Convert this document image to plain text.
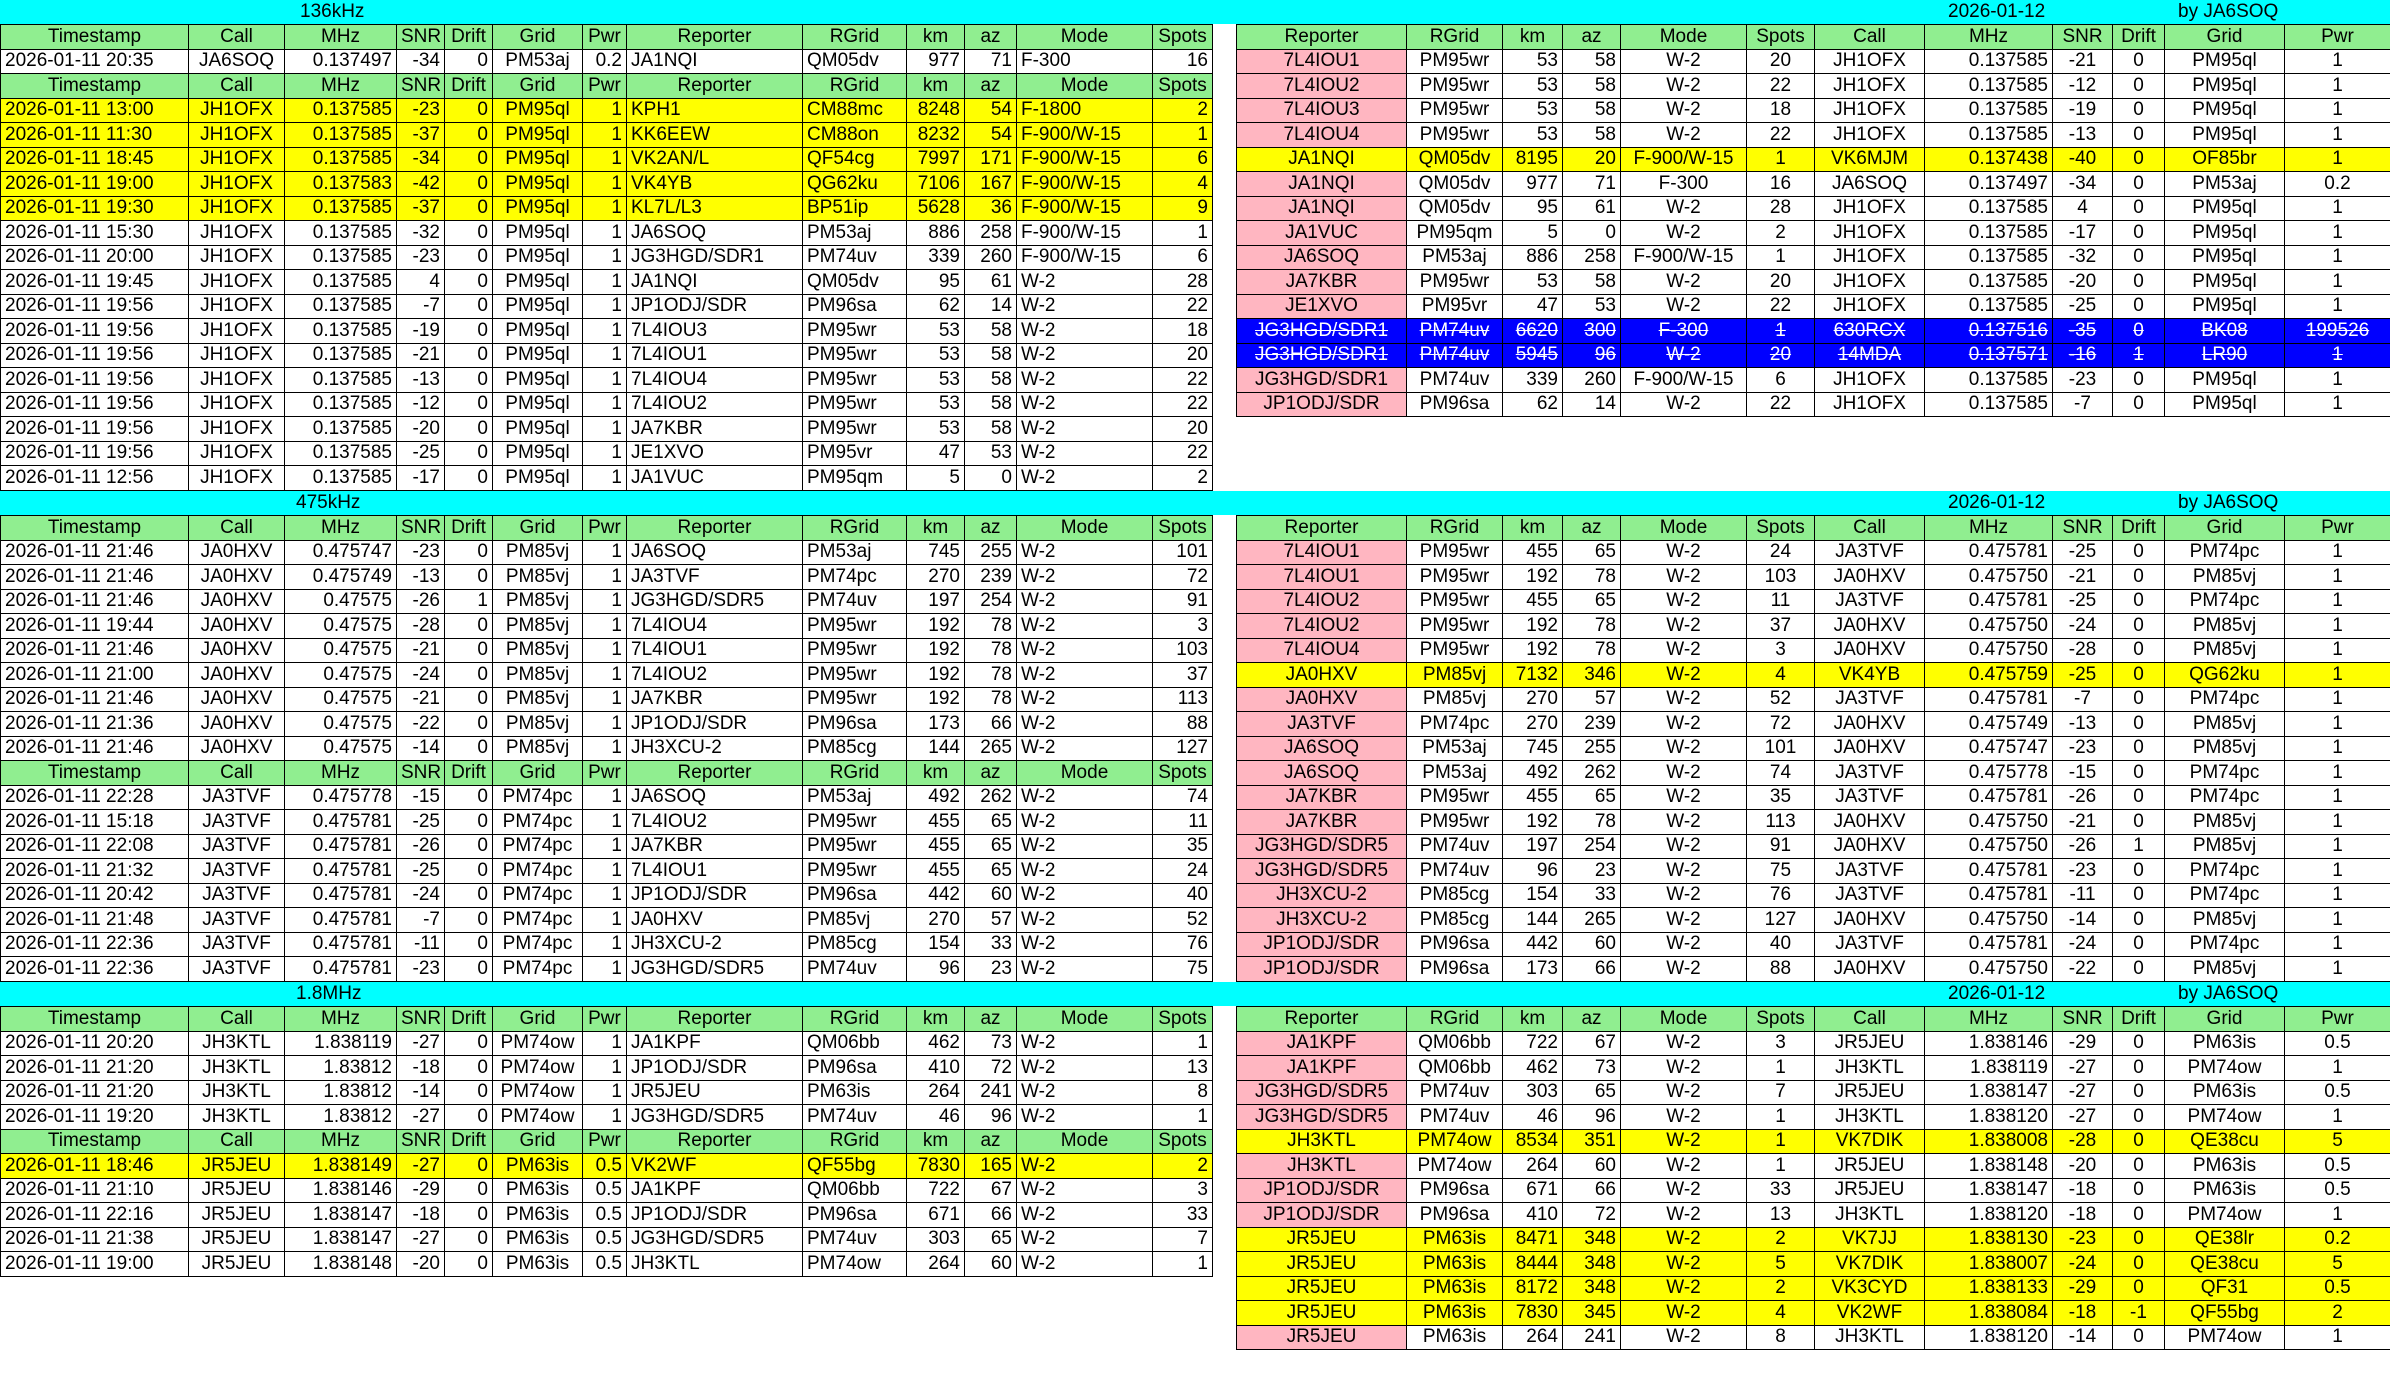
136kHz	2026-01-12	by JA6SOQ
475kHz	2026-01-12	by JA6SOQ
1.8MHz	2026-01-12	by JA6SOQ
Timestamp	Call	MHz	SNR	Drift	Grid	Pwr	Reporter	RGrid	km	az	Mode	Spots
2026-01-11 20:35	JA6SOQ	0.137497	-34	0	PM53aj	0.2	JA1NQI	QM05dv	977	71	F-300	16
Timestamp	Call	MHz	SNR	Drift	Grid	Pwr	Reporter	RGrid	km	az	Mode	Spots
2026-01-11 13:00	JH1OFX	0.137585	-23	0	PM95ql	1	KPH1	CM88mc	8248	54	F-1800	2
2026-01-11 11:30	JH1OFX	0.137585	-37	0	PM95ql	1	KK6EEW	CM88on	8232	54	F-900/W-15	1
2026-01-11 18:45	JH1OFX	0.137585	-34	0	PM95ql	1	VK2AN/L	QF54cg	7997	171	F-900/W-15	6
2026-01-11 19:00	JH1OFX	0.137583	-42	0	PM95ql	1	VK4YB	QG62ku	7106	167	F-900/W-15	4
2026-01-11 19:30	JH1OFX	0.137585	-37	0	PM95ql	1	KL7L/L3	BP51ip	5628	36	F-900/W-15	9
2026-01-11 15:30	JH1OFX	0.137585	-32	0	PM95ql	1	JA6SOQ	PM53aj	886	258	F-900/W-15	1
2026-01-11 20:00	JH1OFX	0.137585	-23	0	PM95ql	1	JG3HGD/SDR1	PM74uv	339	260	F-900/W-15	6
2026-01-11 19:45	JH1OFX	0.137585	4	0	PM95ql	1	JA1NQI	QM05dv	95	61	W-2	28
2026-01-11 19:56	JH1OFX	0.137585	-7	0	PM95ql	1	JP1ODJ/SDR	PM96sa	62	14	W-2	22
2026-01-11 19:56	JH1OFX	0.137585	-19	0	PM95ql	1	7L4IOU3	PM95wr	53	58	W-2	18
2026-01-11 19:56	JH1OFX	0.137585	-21	0	PM95ql	1	7L4IOU1	PM95wr	53	58	W-2	20
2026-01-11 19:56	JH1OFX	0.137585	-13	0	PM95ql	1	7L4IOU4	PM95wr	53	58	W-2	22
2026-01-11 19:56	JH1OFX	0.137585	-12	0	PM95ql	1	7L4IOU2	PM95wr	53	58	W-2	22
2026-01-11 19:56	JH1OFX	0.137585	-20	0	PM95ql	1	JA7KBR	PM95wr	53	58	W-2	20
2026-01-11 19:56	JH1OFX	0.137585	-25	0	PM95ql	1	JE1XVO	PM95vr	47	53	W-2	22
2026-01-11 12:56	JH1OFX	0.137585	-17	0	PM95ql	1	JA1VUC	PM95qm	5	0	W-2	2
Reporter	RGrid	km	az	Mode	Spots	Call	MHz	SNR	Drift	Grid	Pwr
7L4IOU1	PM95wr	53	58	W-2	20	JH1OFX	0.137585	-21	0	PM95ql	1
7L4IOU2	PM95wr	53	58	W-2	22	JH1OFX	0.137585	-12	0	PM95ql	1
7L4IOU3	PM95wr	53	58	W-2	18	JH1OFX	0.137585	-19	0	PM95ql	1
7L4IOU4	PM95wr	53	58	W-2	22	JH1OFX	0.137585	-13	0	PM95ql	1
JA1NQI	QM05dv	8195	20	F-900/W-15	1	VK6MJM	0.137438	-40	0	OF85br	1
JA1NQI	QM05dv	977	71	F-300	16	JA6SOQ	0.137497	-34	0	PM53aj	0.2
JA1NQI	QM05dv	95	61	W-2	28	JH1OFX	0.137585	4	0	PM95ql	1
JA1VUC	PM95qm	5	0	W-2	2	JH1OFX	0.137585	-17	0	PM95ql	1
JA6SOQ	PM53aj	886	258	F-900/W-15	1	JH1OFX	0.137585	-32	0	PM95ql	1
JA7KBR	PM95wr	53	58	W-2	20	JH1OFX	0.137585	-20	0	PM95ql	1
JE1XVO	PM95vr	47	53	W-2	22	JH1OFX	0.137585	-25	0	PM95ql	1
JG3HGD/SDR1	PM74uv	6620	300	F-300	1	630RCX	0.137516	-35	0	BK08	199526
JG3HGD/SDR1	PM74uv	5945	96	W-2	20	14MDA	0.137571	-16	1	LR90	1
JG3HGD/SDR1	PM74uv	339	260	F-900/W-15	6	JH1OFX	0.137585	-23	0	PM95ql	1
JP1ODJ/SDR	PM96sa	62	14	W-2	22	JH1OFX	0.137585	-7	0	PM95ql	1
Timestamp	Call	MHz	SNR	Drift	Grid	Pwr	Reporter	RGrid	km	az	Mode	Spots
2026-01-11 21:46	JA0HXV	0.475747	-23	0	PM85vj	1	JA6SOQ	PM53aj	745	255	W-2	101
2026-01-11 21:46	JA0HXV	0.475749	-13	0	PM85vj	1	JA3TVF	PM74pc	270	239	W-2	72
2026-01-11 21:46	JA0HXV	0.47575	-26	1	PM85vj	1	JG3HGD/SDR5	PM74uv	197	254	W-2	91
2026-01-11 19:44	JA0HXV	0.47575	-28	0	PM85vj	1	7L4IOU4	PM95wr	192	78	W-2	3
2026-01-11 21:46	JA0HXV	0.47575	-21	0	PM85vj	1	7L4IOU1	PM95wr	192	78	W-2	103
2026-01-11 21:00	JA0HXV	0.47575	-24	0	PM85vj	1	7L4IOU2	PM95wr	192	78	W-2	37
2026-01-11 21:46	JA0HXV	0.47575	-21	0	PM85vj	1	JA7KBR	PM95wr	192	78	W-2	113
2026-01-11 21:36	JA0HXV	0.47575	-22	0	PM85vj	1	JP1ODJ/SDR	PM96sa	173	66	W-2	88
2026-01-11 21:46	JA0HXV	0.47575	-14	0	PM85vj	1	JH3XCU-2	PM85cg	144	265	W-2	127
Timestamp	Call	MHz	SNR	Drift	Grid	Pwr	Reporter	RGrid	km	az	Mode	Spots
2026-01-11 22:28	JA3TVF	0.475778	-15	0	PM74pc	1	JA6SOQ	PM53aj	492	262	W-2	74
2026-01-11 15:18	JA3TVF	0.475781	-25	0	PM74pc	1	7L4IOU2	PM95wr	455	65	W-2	11
2026-01-11 22:08	JA3TVF	0.475781	-26	0	PM74pc	1	JA7KBR	PM95wr	455	65	W-2	35
2026-01-11 21:32	JA3TVF	0.475781	-25	0	PM74pc	1	7L4IOU1	PM95wr	455	65	W-2	24
2026-01-11 20:42	JA3TVF	0.475781	-24	0	PM74pc	1	JP1ODJ/SDR	PM96sa	442	60	W-2	40
2026-01-11 21:48	JA3TVF	0.475781	-7	0	PM74pc	1	JA0HXV	PM85vj	270	57	W-2	52
2026-01-11 22:36	JA3TVF	0.475781	-11	0	PM74pc	1	JH3XCU-2	PM85cg	154	33	W-2	76
2026-01-11 22:36	JA3TVF	0.475781	-23	0	PM74pc	1	JG3HGD/SDR5	PM74uv	96	23	W-2	75
Reporter	RGrid	km	az	Mode	Spots	Call	MHz	SNR	Drift	Grid	Pwr
7L4IOU1	PM95wr	455	65	W-2	24	JA3TVF	0.475781	-25	0	PM74pc	1
7L4IOU1	PM95wr	192	78	W-2	103	JA0HXV	0.475750	-21	0	PM85vj	1
7L4IOU2	PM95wr	455	65	W-2	11	JA3TVF	0.475781	-25	0	PM74pc	1
7L4IOU2	PM95wr	192	78	W-2	37	JA0HXV	0.475750	-24	0	PM85vj	1
7L4IOU4	PM95wr	192	78	W-2	3	JA0HXV	0.475750	-28	0	PM85vj	1
JA0HXV	PM85vj	7132	346	W-2	4	VK4YB	0.475759	-25	0	QG62ku	1
JA0HXV	PM85vj	270	57	W-2	52	JA3TVF	0.475781	-7	0	PM74pc	1
JA3TVF	PM74pc	270	239	W-2	72	JA0HXV	0.475749	-13	0	PM85vj	1
JA6SOQ	PM53aj	745	255	W-2	101	JA0HXV	0.475747	-23	0	PM85vj	1
JA6SOQ	PM53aj	492	262	W-2	74	JA3TVF	0.475778	-15	0	PM74pc	1
JA7KBR	PM95wr	455	65	W-2	35	JA3TVF	0.475781	-26	0	PM74pc	1
JA7KBR	PM95wr	192	78	W-2	113	JA0HXV	0.475750	-21	0	PM85vj	1
JG3HGD/SDR5	PM74uv	197	254	W-2	91	JA0HXV	0.475750	-26	1	PM85vj	1
JG3HGD/SDR5	PM74uv	96	23	W-2	75	JA3TVF	0.475781	-23	0	PM74pc	1
JH3XCU-2	PM85cg	154	33	W-2	76	JA3TVF	0.475781	-11	0	PM74pc	1
JH3XCU-2	PM85cg	144	265	W-2	127	JA0HXV	0.475750	-14	0	PM85vj	1
JP1ODJ/SDR	PM96sa	442	60	W-2	40	JA3TVF	0.475781	-24	0	PM74pc	1
JP1ODJ/SDR	PM96sa	173	66	W-2	88	JA0HXV	0.475750	-22	0	PM85vj	1
Timestamp	Call	MHz	SNR	Drift	Grid	Pwr	Reporter	RGrid	km	az	Mode	Spots
2026-01-11 20:20	JH3KTL	1.838119	-27	0	PM74ow	1	JA1KPF	QM06bb	462	73	W-2	1
2026-01-11 21:20	JH3KTL	1.83812	-18	0	PM74ow	1	JP1ODJ/SDR	PM96sa	410	72	W-2	13
2026-01-11 21:20	JH3KTL	1.83812	-14	0	PM74ow	1	JR5JEU	PM63is	264	241	W-2	8
2026-01-11 19:20	JH3KTL	1.83812	-27	0	PM74ow	1	JG3HGD/SDR5	PM74uv	46	96	W-2	1
Timestamp	Call	MHz	SNR	Drift	Grid	Pwr	Reporter	RGrid	km	az	Mode	Spots
2026-01-11 18:46	JR5JEU	1.838149	-27	0	PM63is	0.5	VK2WF	QF55bg	7830	165	W-2	2
2026-01-11 21:10	JR5JEU	1.838146	-29	0	PM63is	0.5	JA1KPF	QM06bb	722	67	W-2	3
2026-01-11 22:16	JR5JEU	1.838147	-18	0	PM63is	0.5	JP1ODJ/SDR	PM96sa	671	66	W-2	33
2026-01-11 21:38	JR5JEU	1.838147	-27	0	PM63is	0.5	JG3HGD/SDR5	PM74uv	303	65	W-2	7
2026-01-11 19:00	JR5JEU	1.838148	-20	0	PM63is	0.5	JH3KTL	PM74ow	264	60	W-2	1
Reporter	RGrid	km	az	Mode	Spots	Call	MHz	SNR	Drift	Grid	Pwr
JA1KPF	QM06bb	722	67	W-2	3	JR5JEU	1.838146	-29	0	PM63is	0.5
JA1KPF	QM06bb	462	73	W-2	1	JH3KTL	1.838119	-27	0	PM74ow	1
JG3HGD/SDR5	PM74uv	303	65	W-2	7	JR5JEU	1.838147	-27	0	PM63is	0.5
JG3HGD/SDR5	PM74uv	46	96	W-2	1	JH3KTL	1.838120	-27	0	PM74ow	1
JH3KTL	PM74ow	8534	351	W-2	1	VK7DIK	1.838008	-28	0	QE38cu	5
JH3KTL	PM74ow	264	60	W-2	1	JR5JEU	1.838148	-20	0	PM63is	0.5
JP1ODJ/SDR	PM96sa	671	66	W-2	33	JR5JEU	1.838147	-18	0	PM63is	0.5
JP1ODJ/SDR	PM96sa	410	72	W-2	13	JH3KTL	1.838120	-18	0	PM74ow	1
JR5JEU	PM63is	8471	348	W-2	2	VK7JJ	1.838130	-23	0	QE38lr	0.2
JR5JEU	PM63is	8444	348	W-2	5	VK7DIK	1.838007	-24	0	QE38cu	5
JR5JEU	PM63is	8172	348	W-2	2	VK3CYD	1.838133	-29	0	QF31	0.5
JR5JEU	PM63is	7830	345	W-2	4	VK2WF	1.838084	-18	-1	QF55bg	2
JR5JEU	PM63is	264	241	W-2	8	JH3KTL	1.838120	-14	0	PM74ow	1
